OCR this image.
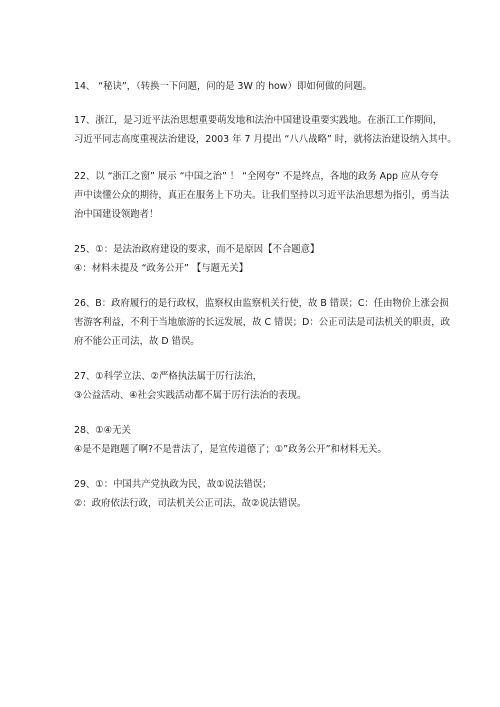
14、 “秘诀”，（转换一下问题，问的是 3W 的 how）即如何做的问题。
17、浙江，是习近平法治思想重要萌发地和法治中国建设重要实践地。在浙江工作期间，
习近平同志高度重视法治建设，2003 年 7 月提出 “八八战略” 时，就将法治建设纳入其中。
22、以 “浙江之窗” 展示 “中国之治” ！ “全网夸” 不是终点，各地的政务 App 应从夸夸
声中读懂公众的期待，真正在服务上下功夫。让我们坚持以习近平法治思想为指引，勇当法
治中国建设领跑者！
25、①：是法治政府建设的要求，而不是原因【不合题意】
④：材料未提及 “政务公开” 【与题无关】
26、B：政府履行的是行政权，监察权由监察机关行使，故 B 错误；C：任由物价上涨会损
害游客利益，不利于当地旅游的长远发展，故 C 错误；D：公正司法是司法机关的职责，政
府不能公正司法，故 D 错误。
27、①科学立法、②严格执法属于厉行法治，
③公益活动、④社会实践活动都不属于厉行法治的表现。
28、①④无关
④是不是跑题了啊?不是普法了，是宣传道德了；①”政务公开”和材料无关。
29、①：中国共产党执政为民，故①说法错误；
②：政府依法行政，司法机关公正司法，故②说法错误。
